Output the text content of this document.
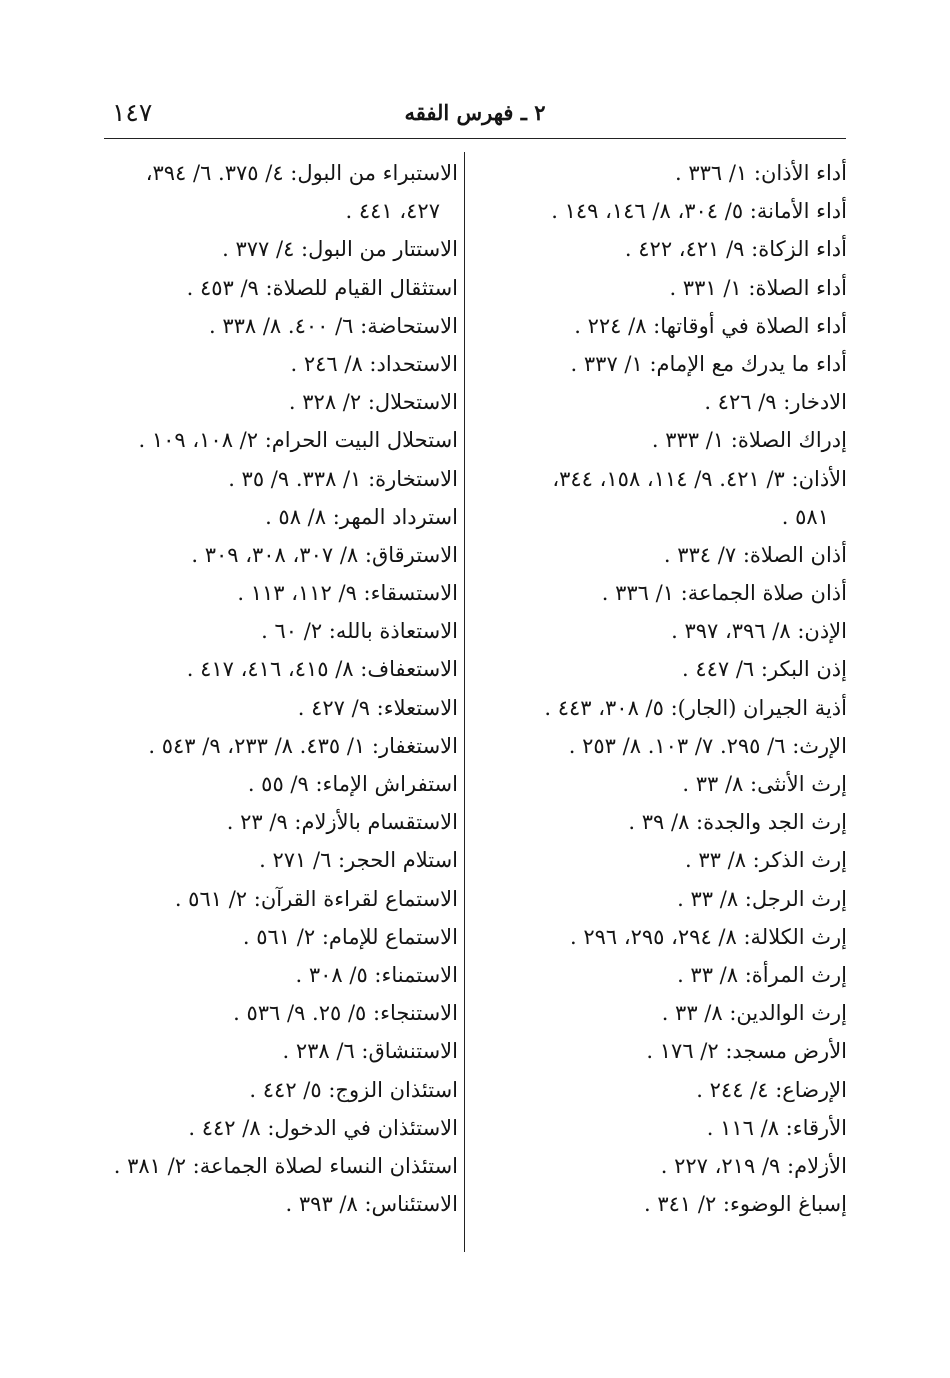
١٤٧	٢ ـ فهرس الفقه
أداء الأذان: ١/ ٣٣٦ .
أداء الأمانة: ٥/ ٣٠٤، ٨/ ١٤٦، ١٤٩ .
أداء الزكاة: ٩/ ٤٢١، ٤٢٢ .
أداء الصلاة: ١/ ٣٣١ .
أداء الصلاة في أوقاتها: ٨/ ٢٢٤ .
أداء ما يدرك مع الإمام: ١/ ٣٣٧ .
الادخار: ٩/ ٤٢٦ .
إدراك الصلاة: ١/ ٣٣٣ .
الأذان: ٣/ ٤٢١. ٩/ ١١٤، ١٥٨، ٣٤٤،
٥٨١ .
أذان الصلاة: ٧/ ٣٣٤ .
أذان صلاة الجماعة: ١/ ٣٣٦ .
الإذن: ٨/ ٣٩٦، ٣٩٧ .
إذن البكر: ٦/ ٤٤٧ .
أذية الجيران (الجار): ٥/ ٣٠٨، ٤٤٣ .
الإرث: ٦/ ٢٩٥. ٧/ ١٠٣. ٨/ ٢٥٣ .
إرث الأنثى: ٨/ ٣٣ .
إرث الجد والجدة: ٨/ ٣٩ .
إرث الذكر: ٨/ ٣٣ .
إرث الرجل: ٨/ ٣٣ .
إرث الكلالة: ٨/ ٢٩٤، ٢٩٥، ٢٩٦ .
إرث المرأة: ٨/ ٣٣ .
إرث الوالدين: ٨/ ٣٣ .
الأرض مسجد: ٢/ ١٧٦ .
الإرضاع: ٤/ ٢٤٤ .
الأرقاء: ٨/ ١١٦ .
الأزلام: ٩/ ٢١٩، ٢٢٧ .
إسباغ الوضوء: ٢/ ٣٤١ .
الاستبراء من البول: ٤/ ٣٧٥. ٦/ ٣٩٤،
٤٢٧، ٤٤١ .
الاستتار من البول: ٤/ ٣٧٧ .
استثقال القيام للصلاة: ٩/ ٤٥٣ .
الاستحاضة: ٦/ ٤٠٠. ٨/ ٣٣٨ .
الاستحداد: ٨/ ٢٤٦ .
الاستحلال: ٢/ ٣٢٨ .
استحلال البيت الحرام: ٢/ ١٠٨، ١٠٩ .
الاستخارة: ١/ ٣٣٨. ٩/ ٣٥ .
استرداد المهر: ٨/ ٥٨ .
الاسترقاق: ٨/ ٣٠٧، ٣٠٨، ٣٠٩ .
الاستسقاء: ٩/ ١١٢، ١١٣ .
الاستعاذة بالله: ٢/ ٦٠ .
الاستعفاف: ٨/ ٤١٥، ٤١٦، ٤١٧ .
الاستعلاء: ٩/ ٤٢٧ .
الاستغفار: ١/ ٤٣٥. ٨/ ٢٣٣، ٩/ ٥٤٣ .
استفراش الإماء: ٩/ ٥٥ .
الاستقسام بالأزلام: ٩/ ٢٣ .
استلام الحجر: ٦/ ٢٧١ .
الاستماع لقراءة القرآن: ٢/ ٥٦١ .
الاستماع للإمام: ٢/ ٥٦١ .
الاستمناء: ٥/ ٣٠٨ .
الاستنجاء: ٥/ ٢٥. ٩/ ٥٣٦ .
الاستنشاق: ٦/ ٢٣٨ .
استئذان الزوج: ٥/ ٤٤٢ .
الاستئذان في الدخول: ٨/ ٤٤٢ .
استئذان النساء لصلاة الجماعة: ٢/ ٣٨١ .
الاستئناس: ٨/ ٣٩٣ .
